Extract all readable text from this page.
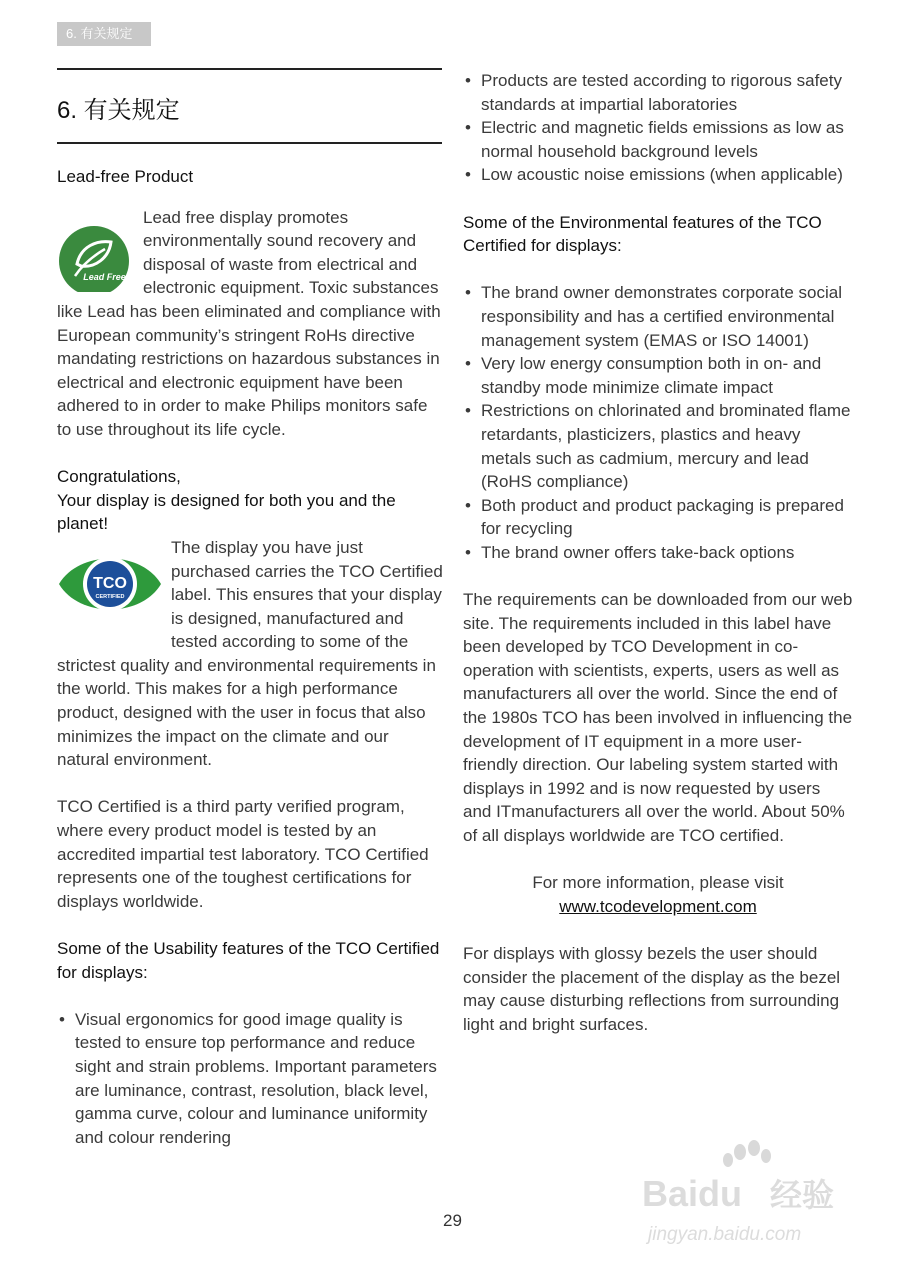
6. 有关规定
6. 有关规定

Lead-free Product

Lead Free!

Lead free display promotes environmentally sound recovery and disposal of waste from electrical and electronic equipment. Toxic substances like Lead has been eliminated and compliance with European community’s stringent RoHs directive mandating restrictions on hazardous substances in electrical and electronic equipment have been adhered to in order to make Philips monitors safe to use throughout its life cycle.

Congratulations,

Your display is designed for both you and the planet!

TCO
CERTIFIED

The display you have just purchased carries the TCO Certified label. This ensures that your display is designed, manufactured and tested according to some of the strictest quality and environmental requirements in the world. This makes for a high performance product, designed with the user in focus that also minimizes the impact on the climate and our natural environment.

TCO Certified is a third party verified program, where every product model is tested by an accredited impartial test laboratory. TCO Certified represents one of the toughest certifications for displays worldwide.

Some of the Usability features of the TCO Certified for displays:

• Visual ergonomics for good image quality is tested to ensure top performance and reduce sight and strain problems. Important parameters are luminance, contrast, resolution, black level, gamma curve, colour and luminance uniformity and colour rendering
• Products are tested according to rigorous safety standards at impartial laboratories
• Electric and magnetic fields emissions as low as normal household background levels
• Low acoustic noise emissions (when applicable)

Some of the Environmental features of the TCO Certified for displays:

• The brand owner demonstrates corporate social responsibility and has a certified environmental management system (EMAS or ISO 14001)
• Very low energy consumption both in on- and standby mode minimize climate impact
• Restrictions on chlorinated and brominated flame retardants, plasticizers, plastics and heavy metals such as cadmium, mercury and lead (RoHS compliance)
• Both product and product packaging is prepared for recycling
• The brand owner offers take-back options

The requirements can be downloaded from our web site. The requirements included in this label have been developed by TCO Development in co-operation with scientists, experts, users as well as manufacturers all over the world. Since the end of the 1980s TCO has been involved in influencing the development of IT equipment in a more user-friendly direction. Our labeling system started with displays in 1992 and is now requested by users and ITmanufacturers all over the world. About 50% of all displays worldwide are TCO certified.

For more information, please visit

www.tcodevelopment.com

For displays with glossy bezels the user should consider the placement of the display as the bezel may cause disturbing reflections from surrounding light and bright surfaces.

29
Baidu 经验
jingyan.baidu.com
